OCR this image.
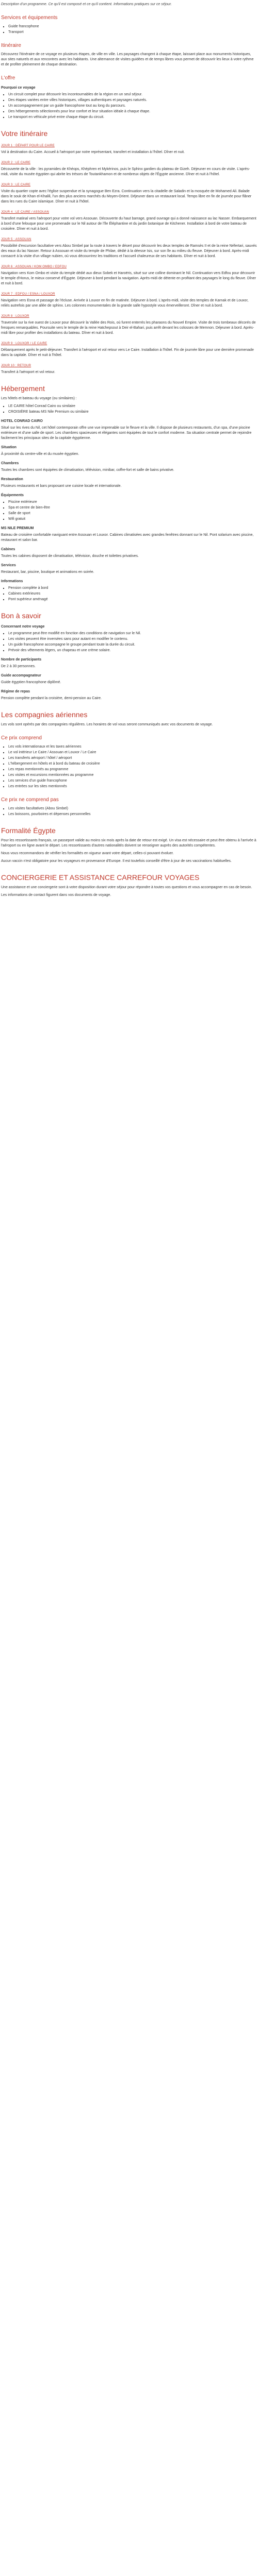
Description d'un programme. Ce qu'il est composé et ce qu'il contient. Informations pratiques sur ce séjour.

Services et équipements
▪ Guide francophone
▪ Transport
Itinéraire

Découvrez l'itinéraire de ce voyage en plusieurs étapes, de ville en ville. Les paysages changent à chaque étape, laissant place aux monuments historiques, aux sites naturels et aux rencontres avec les habitants. Une alternance de visites guidées et de temps libres vous permet de découvrir les lieux à votre rythme et de profiter pleinement de chaque destination.

L'offre
Pourquoi ce voyage
▪ Un circuit complet pour découvrir les incontournables de la région en un seul séjour.
▪ Des étapes variées entre villes historiques, villages authentiques et paysages naturels.
▪ Un accompagnement par un guide francophone tout au long du parcours.
▪ Des hébergements sélectionnés pour leur confort et leur situation idéale à chaque étape.
▪ Le transport en véhicule privé entre chaque étape du circuit.
Votre itinéraire
JOUR 1 : DÉPART POUR LE CAIRE

Vol à destination du Caire. Accueil à l'aéroport par notre représentant, transfert et installation à l'hôtel. Dîner et nuit.

JOUR 2 : LE CAIRE

Découverte de la ville : les pyramides de Khéops, Khéphren et Mykérinos, puis le Sphinx gardien du plateau de Gizeh. Déjeuner en cours de visite. L'après-midi, visite du musée égyptien qui abrite les trésors de Toutankhamon et de nombreux objets de l'Égypte ancienne. Dîner et nuit à l'hôtel.

JOUR 3 : LE CAIRE

Visite du quartier copte avec l'église suspendue et la synagogue Ben Ezra. Continuation vers la citadelle de Saladin et la mosquée de Mohamed Ali. Balade dans le souk de Khan el-Khalili, l'un des plus anciens marchés du Moyen-Orient. Déjeuner dans un restaurant local. Temps libre en fin de journée pour flâner dans les rues du Caire islamique. Dîner et nuit à l'hôtel.

JOUR 4 : LE CAIRE / ASSOUAN

Transfert matinal vers l'aéroport pour votre vol vers Assouan. Découverte du haut barrage, grand ouvrage qui a donné naissance au lac Nasser. Embarquement à bord d'une felouque pour une promenade sur le Nil autour de l'île Éléphantine et du jardin botanique de Kitchener. Installation à bord de votre bateau de croisière. Dîner et nuit à bord.

JOUR 5 : ASSOUAN

Possibilité d'excursion facultative vers Abou Simbel par la route à travers le désert pour découvrir les deux temples de Ramsès II et de la reine Néfertari, sauvés des eaux du lac Nasser. Retour à Assouan et visite du temple de Philae, dédié à la déesse Isis, sur son île au milieu du fleuve. Déjeuner à bord. Après-midi consacré à la visite d'un village nubien, où vous découvrirez les traditions et l'accueil chaleureux de ses habitants. Dîner et nuit à bord.

JOUR 6 : ASSOUAN / KOM OMBO / EDFOU

Navigation vers Kom Ombo et visite du temple dédié aux dieux Sobek et Haroëris, situé sur une colline dominant le Nil. Continuation vers Edfou pour découvrir le temple d'Horus, le mieux conservé d'Égypte. Déjeuner à bord pendant la navigation. Après-midi de détente en profitant des paysages le long du fleuve. Dîner et nuit à bord.

JOUR 7 : EDFOU / ESNA / LOUXOR

Navigation vers Esna et passage de l'écluse. Arrivée à Louxor en fin de matinée. Déjeuner à bord. L'après-midi, visite des temples de Karnak et de Louxor, reliés autrefois par une allée de sphinx. Les colonnes monumentales de la grande salle hypostyle vous émerveilleront. Dîner et nuit à bord.

JOUR 8 : LOUXOR

Traversée sur la rive ouest de Louxor pour découvrir la Vallée des Rois, où furent enterrés les pharaons du Nouvel Empire. Visite de trois tombeaux décorés de fresques remarquables. Poursuite vers le temple de la reine Hatchepsout à Deir el-Bahari, puis arrêt devant les colosses de Memnon. Déjeuner à bord. Après-midi libre pour profiter des installations du bateau. Dîner et nuit à bord.

JOUR 9 : LOUXOR / LE CAIRE

Débarquement après le petit-déjeuner. Transfert à l'aéroport et vol retour vers Le Caire. Installation à l'hôtel. Fin de journée libre pour une dernière promenade dans la capitale. Dîner et nuit à l'hôtel.

JOUR 10 : RETOUR

Transfert à l'aéroport et vol retour.

Hébergement

Les hôtels et bateau du voyage (ou similaires) :

▪ LE CAIRE hôtel Conrad Cairo ou similaire
▪ CROISIÈRE bateau MS Nile Premium ou similaire
HOTEL CONRAD CAIRO

Situé sur les rives du Nil, cet hôtel contemporain offre une vue imprenable sur le fleuve et la ville. Il dispose de plusieurs restaurants, d'un spa, d'une piscine extérieure et d'une salle de sport. Les chambres spacieuses et élégantes sont équipées de tout le confort moderne. Sa situation centrale permet de rejoindre facilement les principaux sites de la capitale égyptienne.

Situation

À proximité du centre-ville et du musée égyptien.

Chambres

Toutes les chambres sont équipées de climatisation, télévision, minibar, coffre-fort et salle de bains privative.

Restauration

Plusieurs restaurants et bars proposant une cuisine locale et internationale.

Équipements
▪ Piscine extérieure
▪ Spa et centre de bien-être
▪ Salle de sport
▪ Wifi gratuit
MS NILE PREMIUM

Bateau de croisière confortable naviguant entre Assouan et Louxor. Cabines climatisées avec grandes fenêtres donnant sur le Nil. Pont solarium avec piscine, restaurant et salon bar.

Cabines

Toutes les cabines disposent de climatisation, télévision, douche et toilettes privatives.

Services

Restaurant, bar, piscine, boutique et animations en soirée.

Informations
▪ Pension complète à bord
▪ Cabines extérieures
▪ Pont supérieur aménagé
Bon à savoir
Concernant notre voyage
▪ Le programme peut être modifié en fonction des conditions de navigation sur le Nil.
▪ Les visites peuvent être inversées sans pour autant en modifier le contenu.
▪ Un guide francophone accompagne le groupe pendant toute la durée du circuit.
▪ Prévoir des vêtements légers, un chapeau et une crème solaire.
Nombre de participants

De 2 à 30 personnes.

Guide accompagnateur

Guide égyptien francophone diplômé.

Régime de repas

Pension complète pendant la croisière, demi-pension au Caire.

Les compagnies aériennes

Les vols sont opérés par des compagnies régulières. Les horaires de vol vous seront communiqués avec vos documents de voyage.

Ce prix comprend
▪ Les vols internationaux et les taxes aériennes
▪ Le vol intérieur Le Caire / Assouan et Louxor / Le Caire
▪ Les transferts aéroport / hôtel / aéroport
▪ L'hébergement en hôtels et à bord du bateau de croisière
▪ Les repas mentionnés au programme
▪ Les visites et excursions mentionnées au programme
▪ Les services d'un guide francophone
▪ Les entrées sur les sites mentionnés
Ce prix ne comprend pas
▪ Les visites facultatives (Abou Simbel)
▪ Les boissons, pourboires et dépenses personnelles
Formalité Égypte

Pour les ressortissants français, un passeport valide au moins six mois après la date de retour est exigé. Un visa est nécessaire et peut être obtenu à l'arrivée à l'aéroport ou en ligne avant le départ. Les ressortissants d'autres nationalités doivent se renseigner auprès des autorités compétentes.

Nous vous recommandons de vérifier les formalités en vigueur avant votre départ, celles-ci pouvant évoluer.

Aucun vaccin n'est obligatoire pour les voyageurs en provenance d'Europe. Il est toutefois conseillé d'être à jour de ses vaccinations habituelles.

CONCIERGERIE ET ASSISTANCE CARREFOUR VOYAGES

Une assistance et une conciergerie sont à votre disposition durant votre séjour pour répondre à toutes vos questions et vous accompagner en cas de besoin.

Les informations de contact figurent dans vos documents de voyage.
